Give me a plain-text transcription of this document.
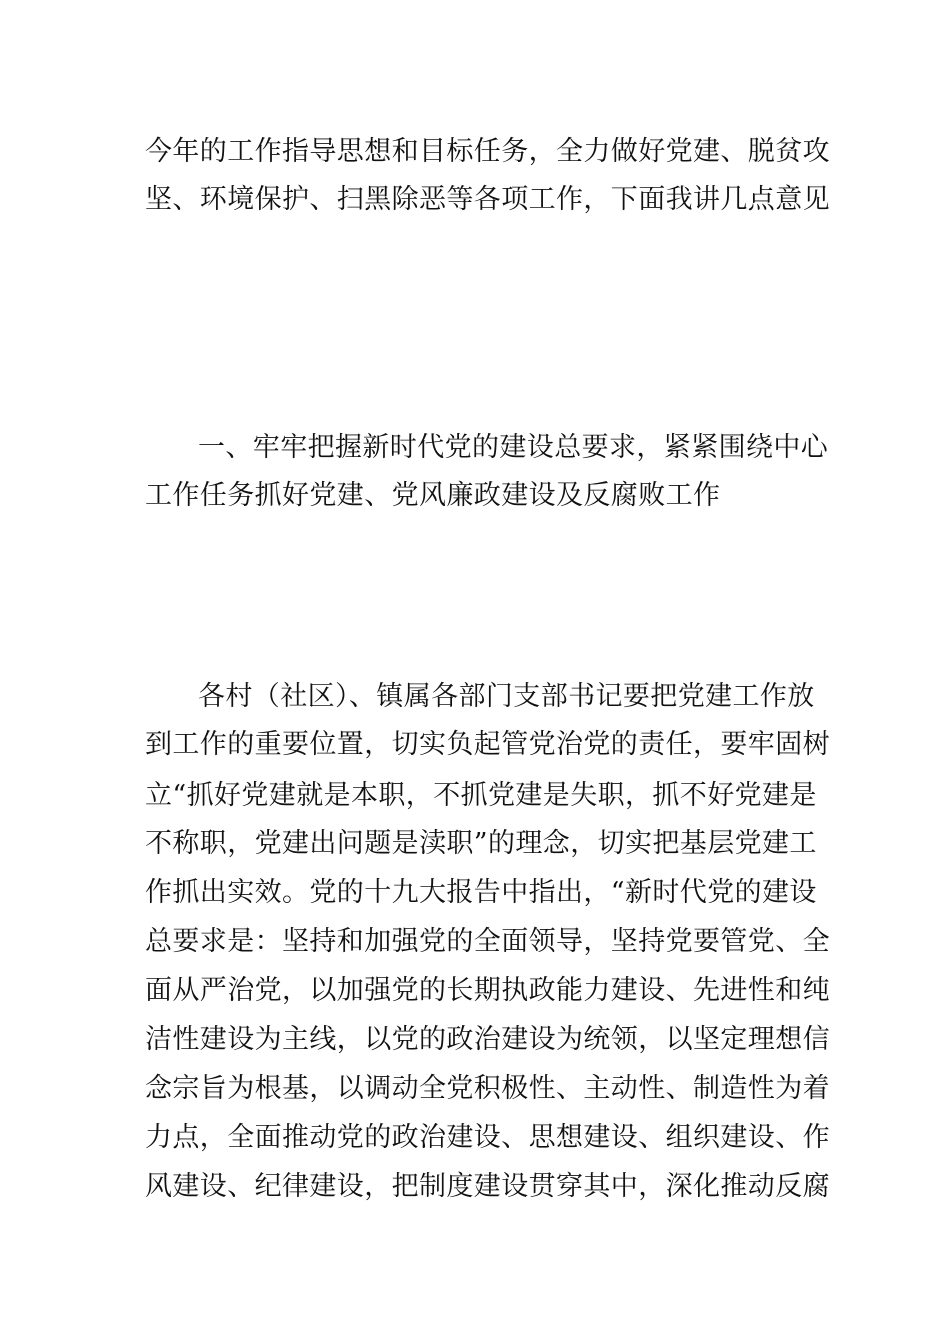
今年的工作指导思想和目标任务，全力做好党建、脱贫攻
坚、环境保护、扫黑除恶等各项工作，下面我讲几点意见
一、牢牢把握新时代党的建设总要求，紧紧围绕中心
工作任务抓好党建、党风廉政建设及反腐败工作
各村（社区）、镇属各部门支部书记要把党建工作放
到工作的重要位置，切实负起管党治党的责任，要牢固树
立“抓好党建就是本职，不抓党建是失职，抓不好党建是
不称职，党建出问题是渎职”的理念，切实把基层党建工
作抓出实效。党的十九大报告中指出，“新时代党的建设
总要求是：坚持和加强党的全面领导，坚持党要管党、全
面从严治党，以加强党的长期执政能力建设、先进性和纯
洁性建设为主线，以党的政治建设为统领，以坚定理想信
念宗旨为根基，以调动全党积极性、主动性、制造性为着
力点，全面推动党的政治建设、思想建设、组织建设、作
风建设、纪律建设，把制度建设贯穿其中，深化推动反腐
